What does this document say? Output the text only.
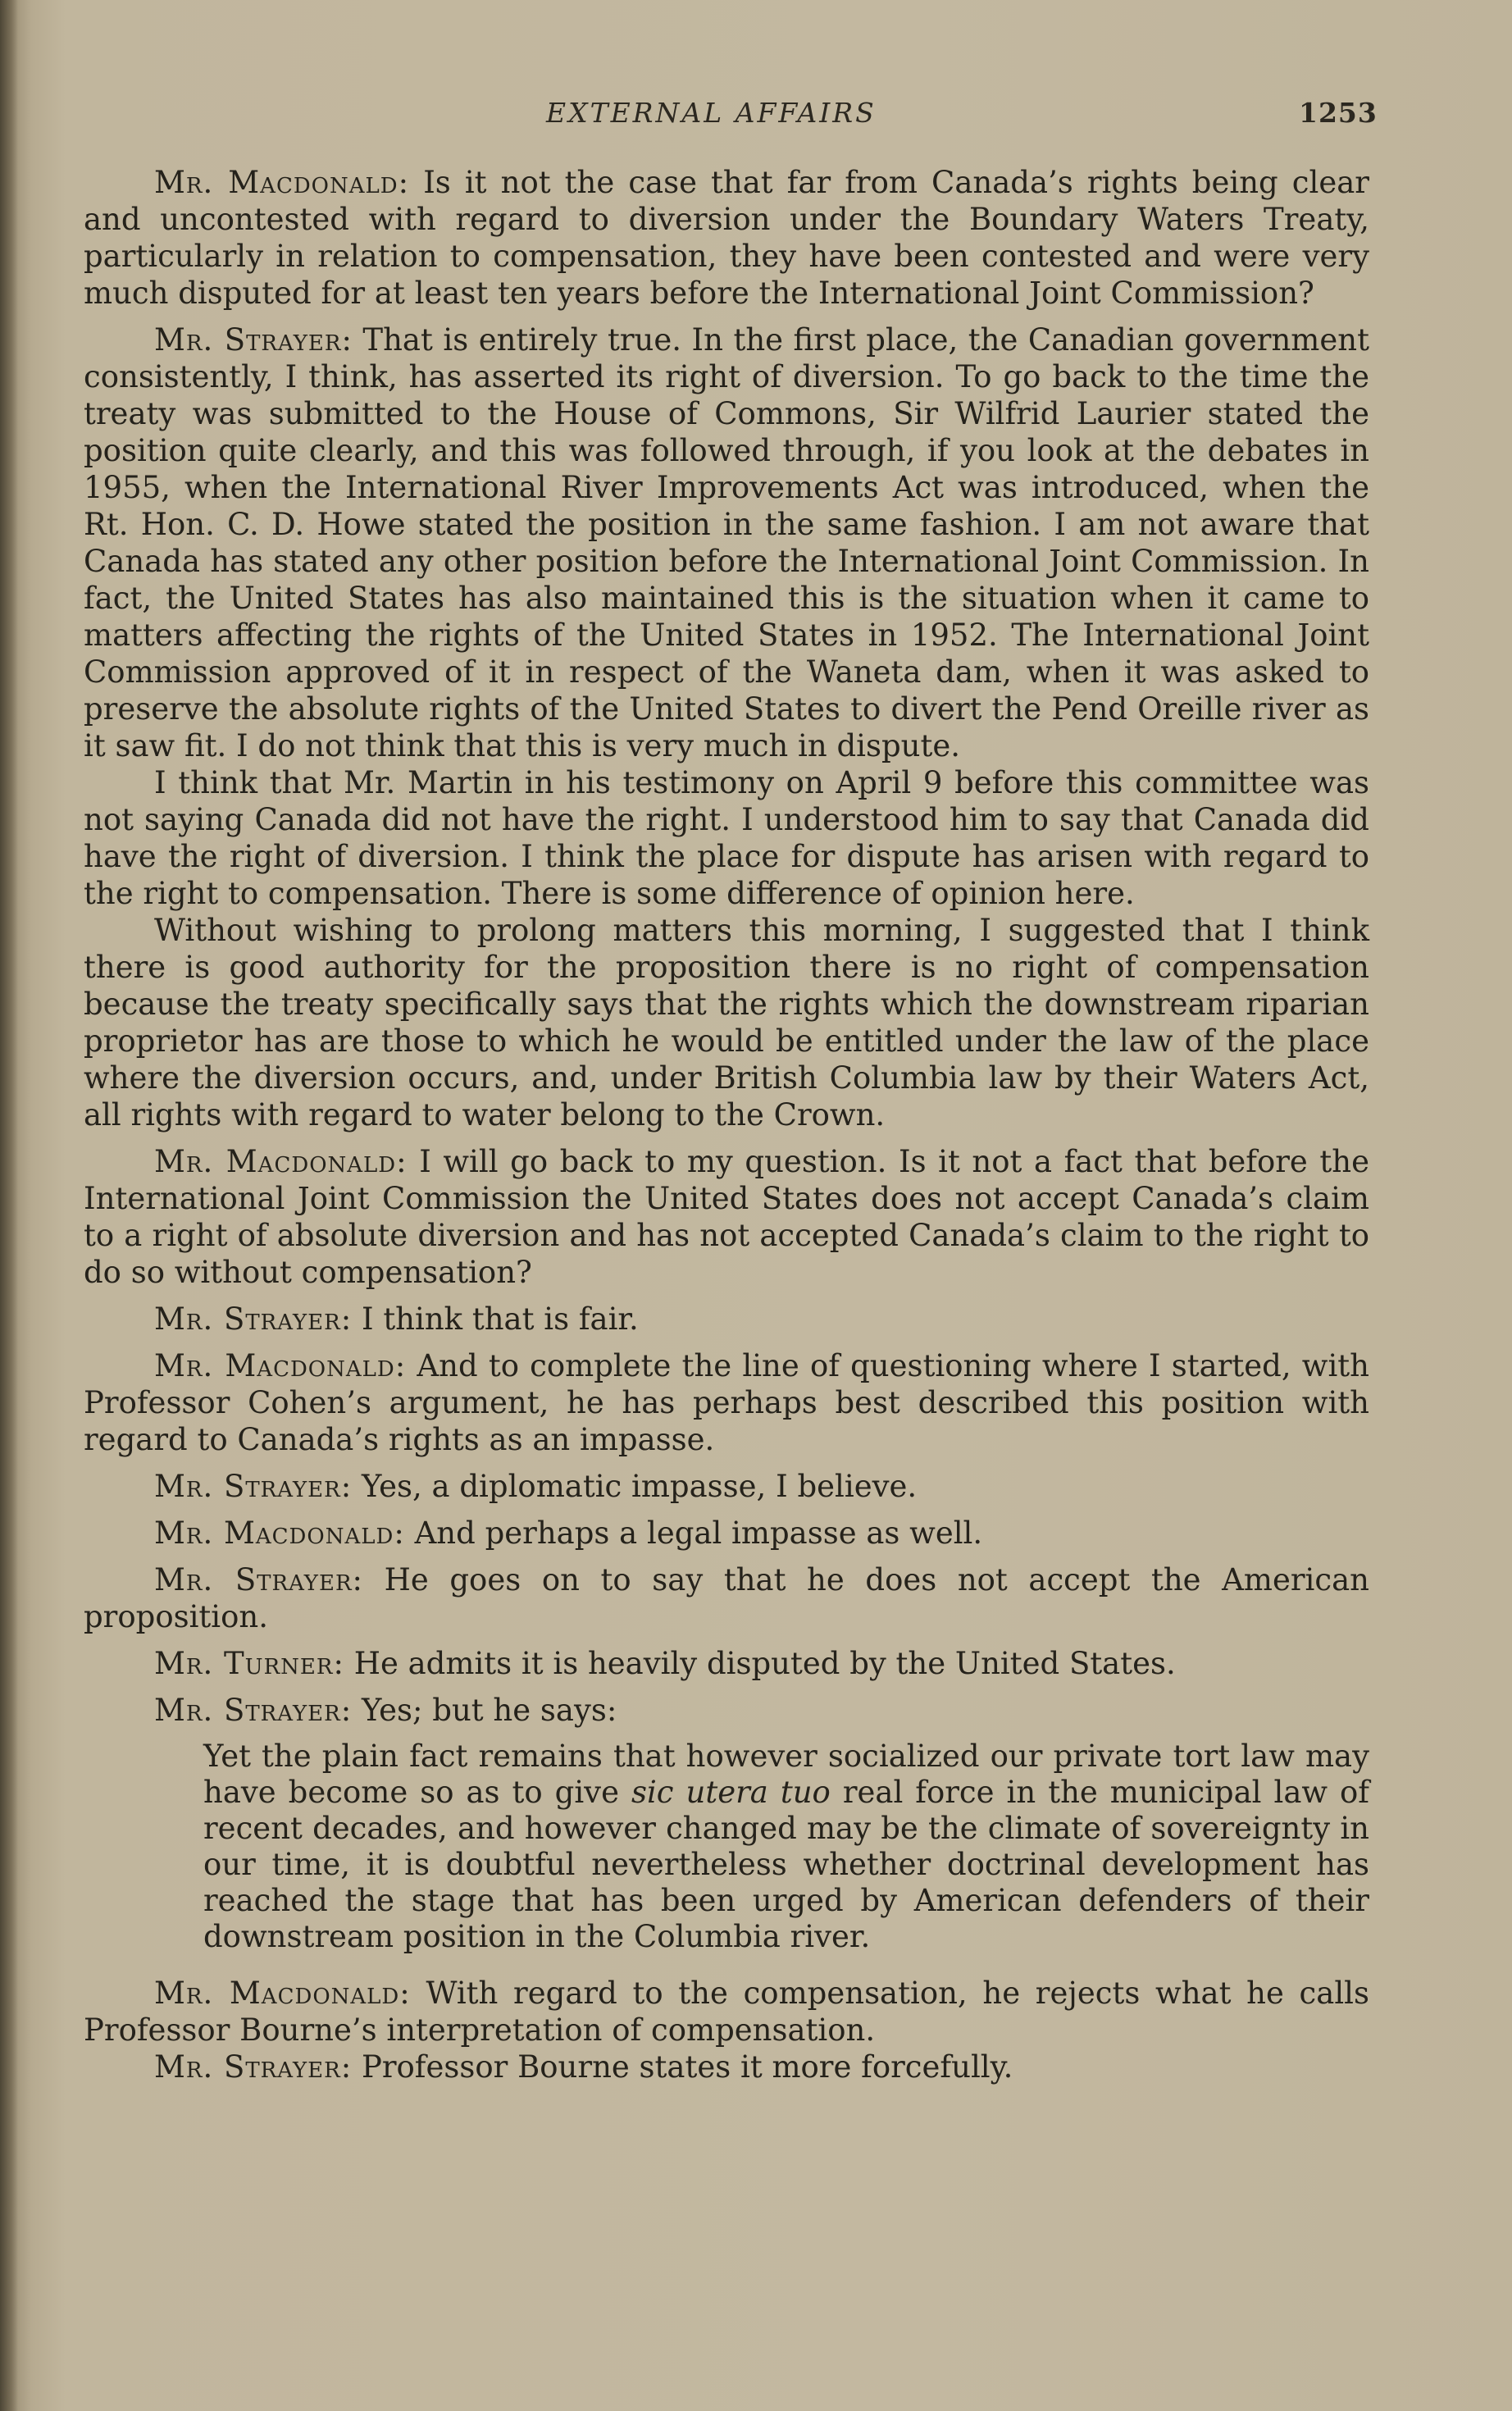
EXTERNAL AFFAIRS	1253

Mr. Macdonald: Is it not the case that far from Canada’s rights being clear and uncontested with regard to diversion under the Boundary Waters Treaty, particularly in relation to compensation, they have been contested and were very much disputed for at least ten years before the International Joint Commission?

Mr. Strayer: That is entirely true. In the first place, the Canadian government consistently, I think, has asserted its right of diversion. To go back to the time the treaty was submitted to the House of Commons, Sir Wilfrid Laurier stated the position quite clearly, and this was followed through, if you look at the debates in 1955, when the International River Improvements Act was introduced, when the Rt. Hon. C. D. Howe stated the position in the same fashion. I am not aware that Canada has stated any other position before the International Joint Commission. In fact, the United States has also maintained this is the situation when it came to matters affecting the rights of the United States in 1952. The International Joint Commission approved of it in respect of the Waneta dam, when it was asked to preserve the absolute rights of the United States to divert the Pend Oreille river as it saw fit. I do not think that this is very much in dispute.

I think that Mr. Martin in his testimony on April 9 before this committee was not saying Canada did not have the right. I understood him to say that Canada did have the right of diversion. I think the place for dispute has arisen with regard to the right to compensation. There is some difference of opinion here.

Without wishing to prolong matters this morning, I suggested that I think there is good authority for the proposition there is no right of compensation because the treaty specifically says that the rights which the downstream riparian proprietor has are those to which he would be entitled under the law of the place where the diversion occurs, and, under British Columbia law by their Waters Act, all rights with regard to water belong to the Crown.

Mr. Macdonald: I will go back to my question. Is it not a fact that before the International Joint Commission the United States does not accept Canada’s claim to a right of absolute diversion and has not accepted Canada’s claim to the right to do so without compensation?

Mr. Strayer: I think that is fair.

Mr. Macdonald: And to complete the line of questioning where I started, with Professor Cohen’s argument, he has perhaps best described this position with regard to Canada’s rights as an impasse.

Mr. Strayer: Yes, a diplomatic impasse, I believe.

Mr. Macdonald: And perhaps a legal impasse as well.

Mr. Strayer: He goes on to say that he does not accept the American proposition.

Mr. Turner: He admits it is heavily disputed by the United States.

Mr. Strayer: Yes; but he says:

Yet the plain fact remains that however socialized our private tort law may have become so as to give sic utera tuo real force in the municipal law of recent decades, and however changed may be the climate of sovereignty in our time, it is doubtful nevertheless whether doctrinal development has reached the stage that has been urged by American defenders of their downstream position in the Columbia river.

Mr. Macdonald: With regard to the compensation, he rejects what he calls Professor Bourne’s interpretation of compensation.

Mr. Strayer: Professor Bourne states it more forcefully.
